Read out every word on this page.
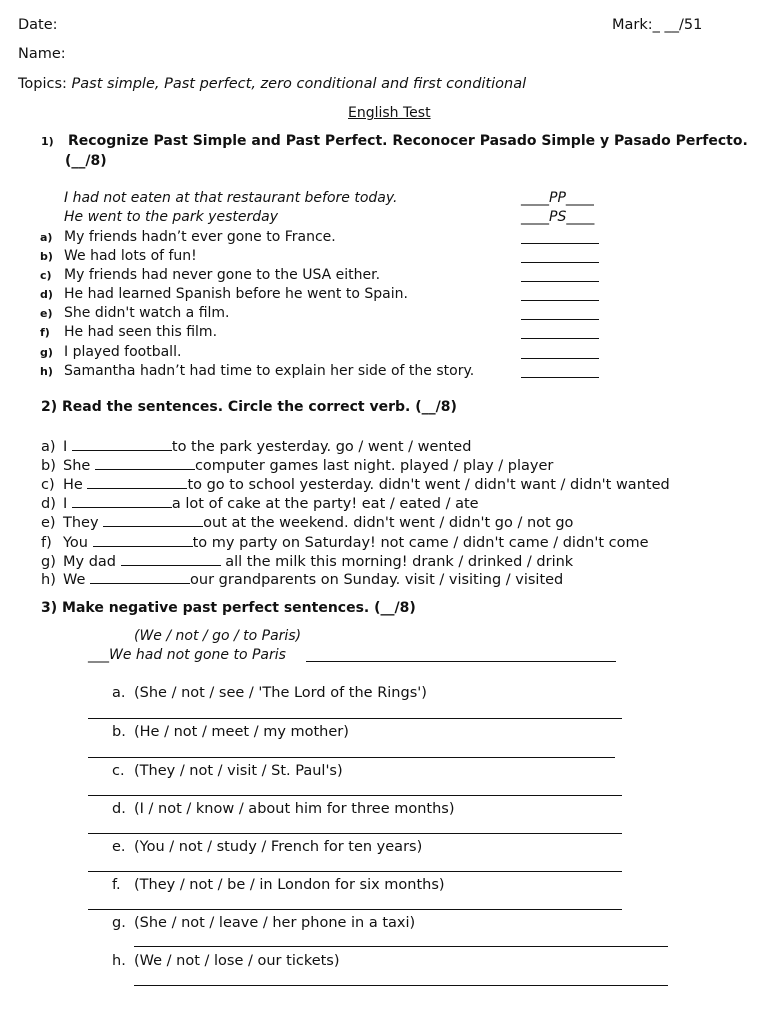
Date:	Mark:_ __/51
Name:
Topics: Past simple, Past perfect, zero conditional and first conditional
English Test
1) Recognize Past Simple and Past Perfect. Reconocer Pasado Simple y Pasado Perfecto.
(__/8)
I had not eaten at that restaurant before today.	____PP____
He went to the park yesterday	____PS____
a) My friends hadn’t ever gone to France.
b) We had lots of fun!
c) My friends had never gone to the USA either.
d) He had learned Spanish before he went to Spain.
e) She didn't watch a film.
f) He had seen this film.
g) I played football.
h) Samantha hadn’t had time to explain her side of the story.
2) Read the sentences. Circle the correct verb. (__/8)
a) I	to the park yesterday. go / went / wented
b) She	computer games last night. played / play / player
c) He	to go to school yesterday. didn't went / didn't want / didn't wanted
d) I	a lot of cake at the party! eat / eated / ate
e) They	out at the weekend. didn't went / didn't go / not go
f) You	to my party on Saturday! not came / didn't came / didn't come
g) My dad	all the milk this morning! drank / drinked / drink
h) We	our grandparents on Sunday. visit / visiting / visited
3) Make negative past perfect sentences. (__/8)
(We / not / go / to Paris)
___We had not gone to Paris
a. (She / not / see / 'The Lord of the Rings')
b. (He / not / meet / my mother)
c. (They / not / visit / St. Paul's)
d. (I / not / know / about him for three months)
e. (You / not / study / French for ten years)
f. (They / not / be / in London for six months)
g. (She / not / leave / her phone in a taxi)
h. (We / not / lose / our tickets)
